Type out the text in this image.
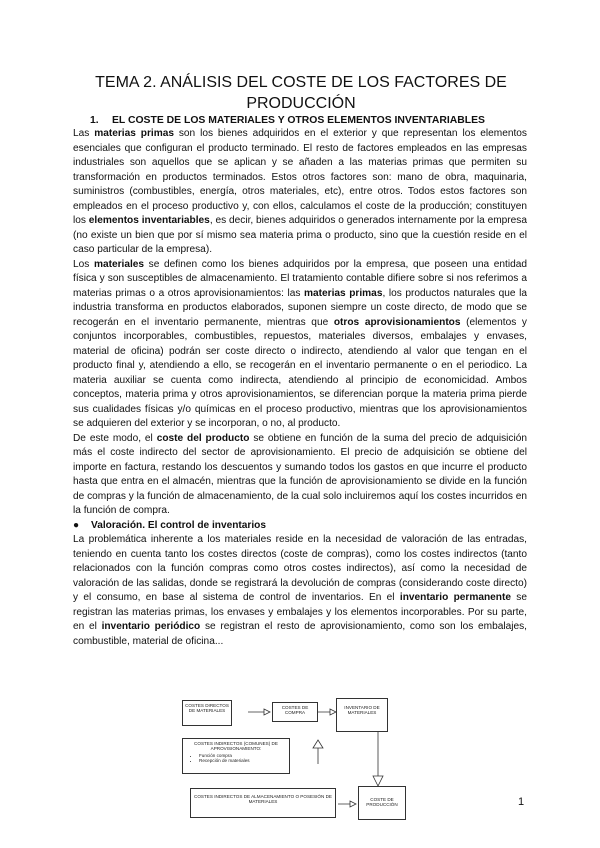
TEMA 2. ANÁLISIS DEL COSTE DE LOS FACTORES DE PRODUCCIÓN
1. EL COSTE DE LOS MATERIALES Y OTROS ELEMENTOS INVENTARIABLES

Las materias primas son los bienes adquiridos en el exterior y que representan los elementos esenciales que configuran el producto terminado. El resto de factores empleados en las empresas industriales son aquellos que se aplican y se añaden a las materias primas que permiten su transformación en productos terminados. Estos otros factores son: mano de obra, maquinaria, suministros (combustibles, energía, otros materiales, etc), entre otros. Todos estos factores son empleados en el proceso productivo y, con ellos, calculamos el coste de la producción; constituyen los elementos inventariables, es decir, bienes adquiridos o generados internamente por la empresa (no existe un bien que por sí mismo sea materia prima o producto, sino que la cuestión reside en el caso particular de la empresa).

Los materiales se definen como los bienes adquiridos por la empresa, que poseen una entidad física y son susceptibles de almacenamiento. El tratamiento contable difiere sobre si nos referimos a materias primas o a otros aprovisionamientos: las materias primas, los productos naturales que la industria transforma en productos elaborados, suponen siempre un coste directo, de modo que se recogerán en el inventario permanente, mientras que otros aprovisionamientos (elementos y conjuntos incorporables, combustibles, repuestos, materiales diversos, embalajes y envases, material de oficina) podrán ser coste directo o indirecto, atendiendo al valor que tengan en el producto final y, atendiendo a ello, se recogerán en el inventario permanente o en el periodico. La materia auxiliar se cuenta como indirecta, atendiendo al principio de economicidad. Ambos conceptos, materia prima y otros aprovisionamientos, se diferencian porque la materia prima pierde sus cualidades físicas y/o químicas en el proceso productivo, mientras que los aprovisionamientos se adquieren del exterior y se incorporan, o no, al producto.

De este modo, el coste del producto se obtiene en función de la suma del precio de adquisición más el coste indirecto del sector de aprovisionamiento. El precio de adquisición se obtiene del importe en factura, restando los descuentos y sumando todos los gastos en que incurre el producto hasta que entra en el almacén, mientras que la función de aprovisionamiento se divide en la función de compras y la función de almacenamiento, de la cual solo incluiremos aquí los costes incurridos en la función de compra.

● Valoración. El control de inventarios

La problemática inherente a los materiales reside en la necesidad de valoración de las entradas, teniendo en cuenta tanto los costes directos (coste de compras), como los costes indirectos (tanto relacionados con la función compras como otros costes indirectos), así como la necesidad de valoración de las salidas, donde se registrará la devolución de compras (considerando coste directo) y el consumo, en base al sistema de control de inventarios. En el inventario permanente se registran las materias primas, los envases y embalajes y los elementos incorporables. Por su parte, en el inventario periódico se registran el resto de aprovisionamiento, como son los embalajes, combustible, material de oficina...

COSTES DIRECTOS DE MATERIALES
COSTES DE COMPRA
INVENTARIO DE MATERIALES
COSTES INDIRECTOS (COMUNES) DE APROVISIONAMIENTO:
• Función compra
• Recepción de materiales
COSTES INDIRECTOS DE ALMACENAMIENTO O POSESIÓN DE MATERIALES	COSTE DE PRODUCCIÓN	1
